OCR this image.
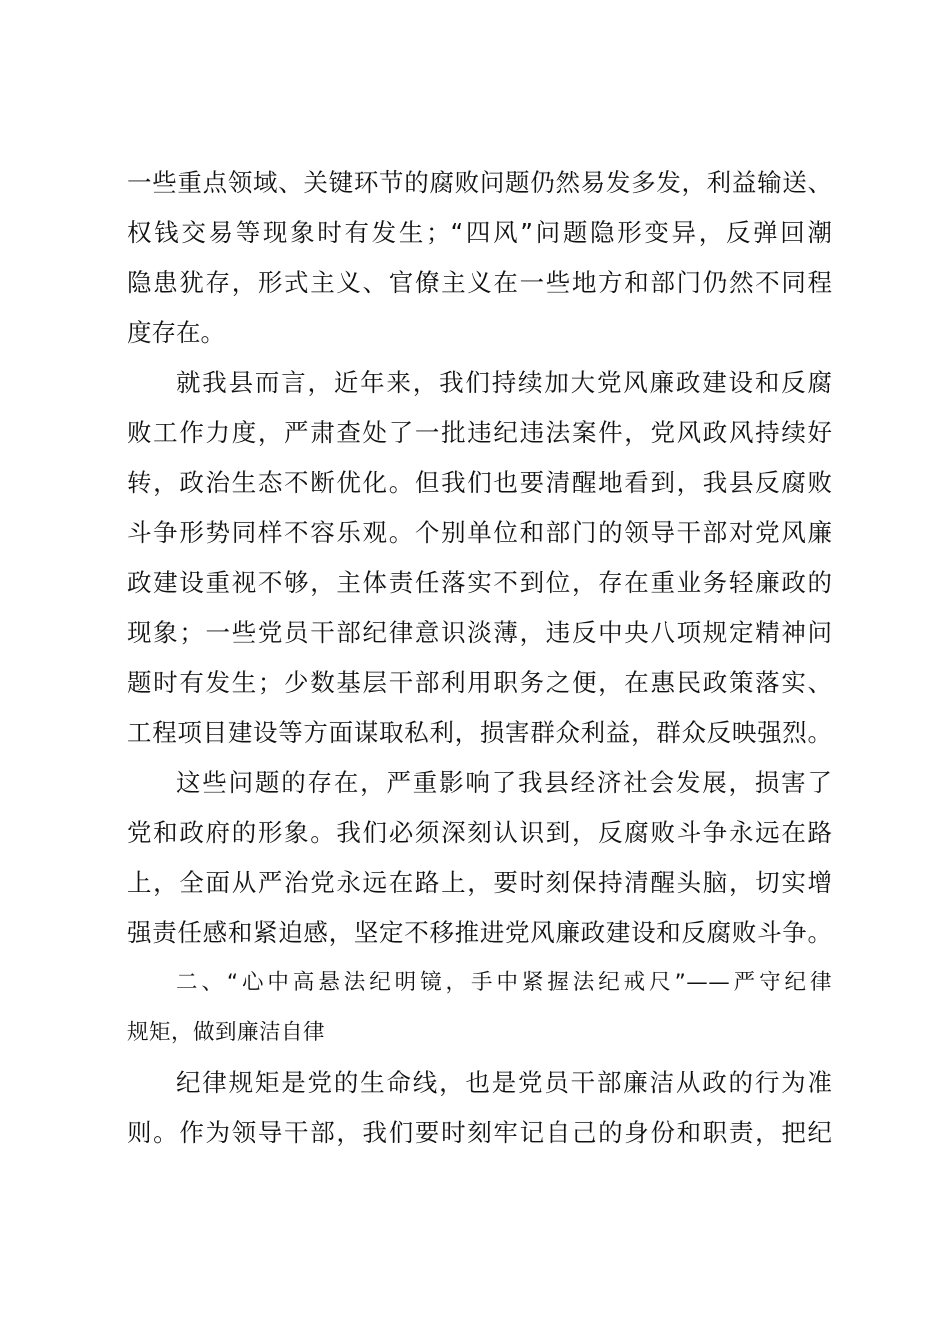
一些重点领域、关键环节的腐败问题仍然易发多发，利益输送、
权钱交易等现象时有发生；“四风”问题隐形变异，反弹回潮
隐患犹存，形式主义、官僚主义在一些地方和部门仍然不同程
度存在。
就我县而言，近年来，我们持续加大党风廉政建设和反腐
败工作力度，严肃查处了一批违纪违法案件，党风政风持续好
转，政治生态不断优化。但我们也要清醒地看到，我县反腐败
斗争形势同样不容乐观。个别单位和部门的领导干部对党风廉
政建设重视不够，主体责任落实不到位，存在重业务轻廉政的
现象；一些党员干部纪律意识淡薄，违反中央八项规定精神问
题时有发生；少数基层干部利用职务之便，在惠民政策落实、
工程项目建设等方面谋取私利，损害群众利益，群众反映强烈。
这些问题的存在，严重影响了我县经济社会发展，损害了
党和政府的形象。我们必须深刻认识到，反腐败斗争永远在路
上，全面从严治党永远在路上，要时刻保持清醒头脑，切实增
强责任感和紧迫感，坚定不移推进党风廉政建设和反腐败斗争。
二、“心中高悬法纪明镜，手中紧握法纪戒尺”——严守纪律
规矩，做到廉洁自律
纪律规矩是党的生命线，也是党员干部廉洁从政的行为准
则。作为领导干部，我们要时刻牢记自己的身份和职责，把纪
